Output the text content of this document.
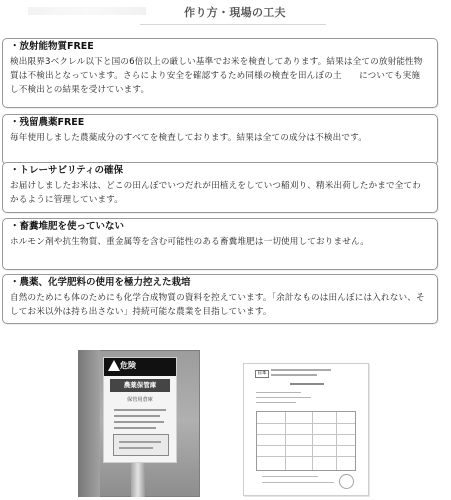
作り方・現場の工夫
・放射能物質FREE
検出限界3ベクレル以下と国の6倍以上の厳しい基準でお米を検査してあります。結果は全ての放射能性物質は不検出となっています。さらにより安全を確認するため同様の検査を田んぼの土　　についても実施し不検出との結果を受けています。
・残留農薬FREE
毎年使用しました農薬成分のすべてを検査しております。結果は全ての成分は不検出です。
・トレーサビリティの確保
お届けしましたお米は、どこの田んぼでいつだれが田植えをしていつ稲刈り、精米出荷したかまで全てわかるように管理しています。
・畜糞堆肥を使っていない
ホルモン剤や抗生物質、重金属等を含む可能性のある畜糞堆肥は一切使用しておりません。
・農薬、化学肥料の使用を極力控えた栽培
自然のためにも体のためにも化学合成物質の資料を控えています。「余計なものは田んぼには入れない、そしてお米以外は持ち出さない」持続可能な農業を目指しています。
危険
農薬保管庫
保管用倉庫
日本
